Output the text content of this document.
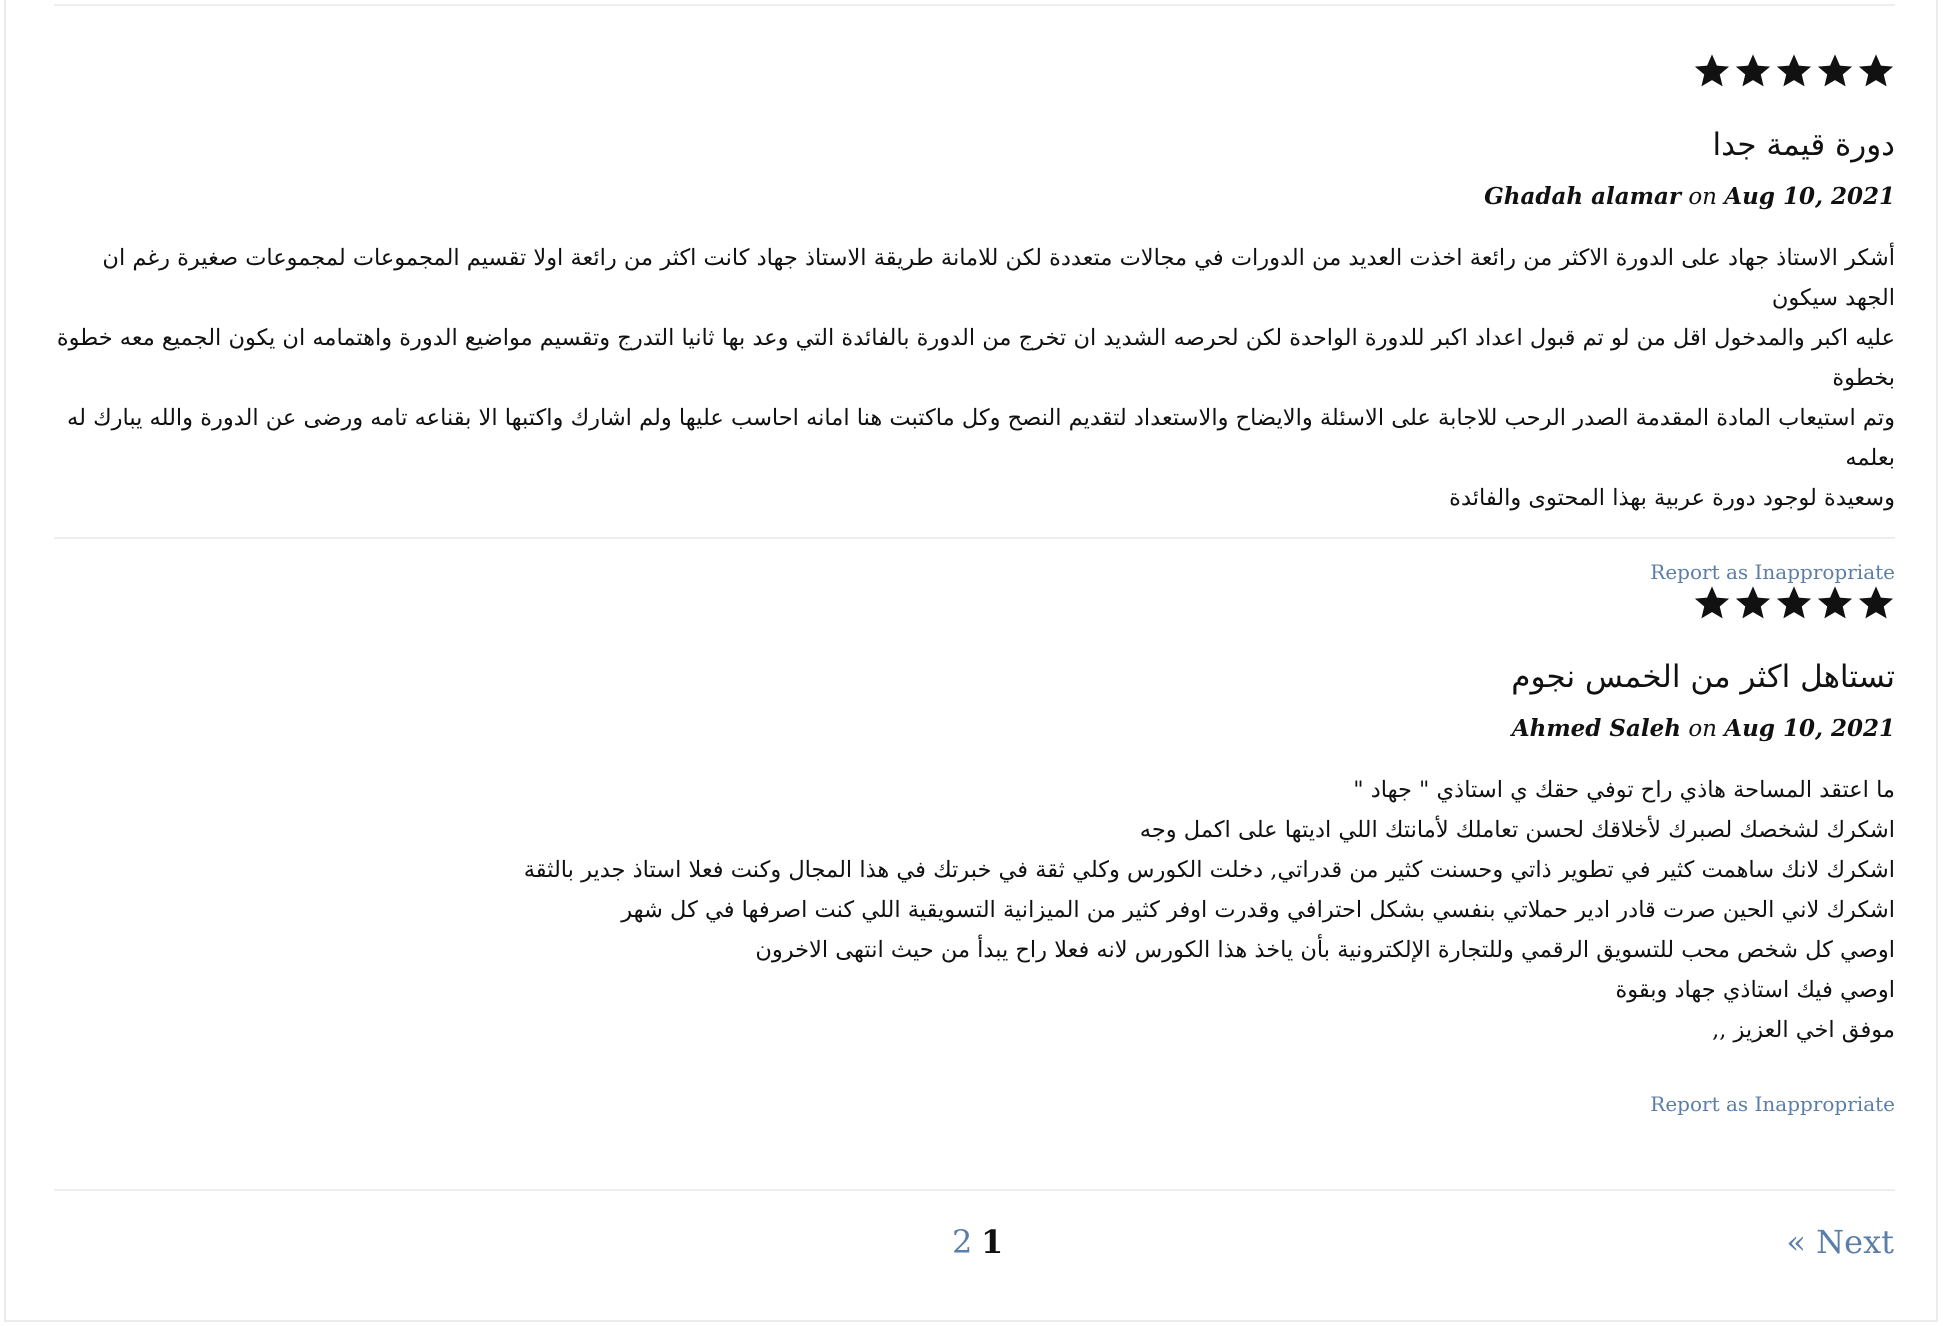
دورة قيمة جدا
Ghadah alamar on Aug 10, 2021
أشكر الاستاذ جهاد على الدورة الاكثر من رائعة اخذت العديد من الدورات في مجالات متعددة لكن للامانة طريقة الاستاذ جهاد كانت اكثر من رائعة اولا تقسيم المجموعات لمجموعات صغيرة رغم ان الجهد سيكون
عليه اكبر والمدخول اقل من لو تم قبول اعداد اكبر للدورة الواحدة لكن لحرصه الشديد ان تخرج من الدورة بالفائدة التي وعد بها ثانيا التدرج وتقسيم مواضيع الدورة واهتمامه ان يكون الجميع معه خطوة بخطوة
وتم استيعاب المادة المقدمة الصدر الرحب للاجابة على الاسئلة والايضاح والاستعداد لتقديم النصح وكل ماكتبت هنا امانه احاسب عليها ولم اشارك واكتبها الا بقناعه تامه ورضى عن الدورة والله يبارك له بعلمه
وسعيدة لوجود دورة عربية بهذا المحتوى والفائدة
Report as Inappropriate
تستاهل اكثر من الخمس نجوم
Ahmed Saleh on Aug 10, 2021
ما اعتقد المساحة هاذي راح توفي حقك ي استاذي " جهاد "
اشكرك لشخصك لصبرك لأخلاقك لحسن تعاملك لأمانتك اللي اديتها على اكمل وجه
اشكرك لانك ساهمت كثير في تطوير ذاتي وحسنت كثير من قدراتي, دخلت الكورس وكلي ثقة في خبرتك في هذا المجال وكنت فعلا استاذ جدير بالثقة
اشكرك لاني الحين صرت قادر ادير حملاتي بنفسي بشكل احترافي وقدرت اوفر كثير من الميزانية التسويقية اللي كنت اصرفها في كل شهر
اوصي كل شخص محب للتسويق الرقمي وللتجارة الإلكترونية بأن ياخذ هذا الكورس لانه فعلا راح يبدأ من حيث انتهى الاخرون
اوصي فيك استاذي جهاد وبقوة
موفق اخي العزيز ,,
Report as Inappropriate
2 1	« Next
